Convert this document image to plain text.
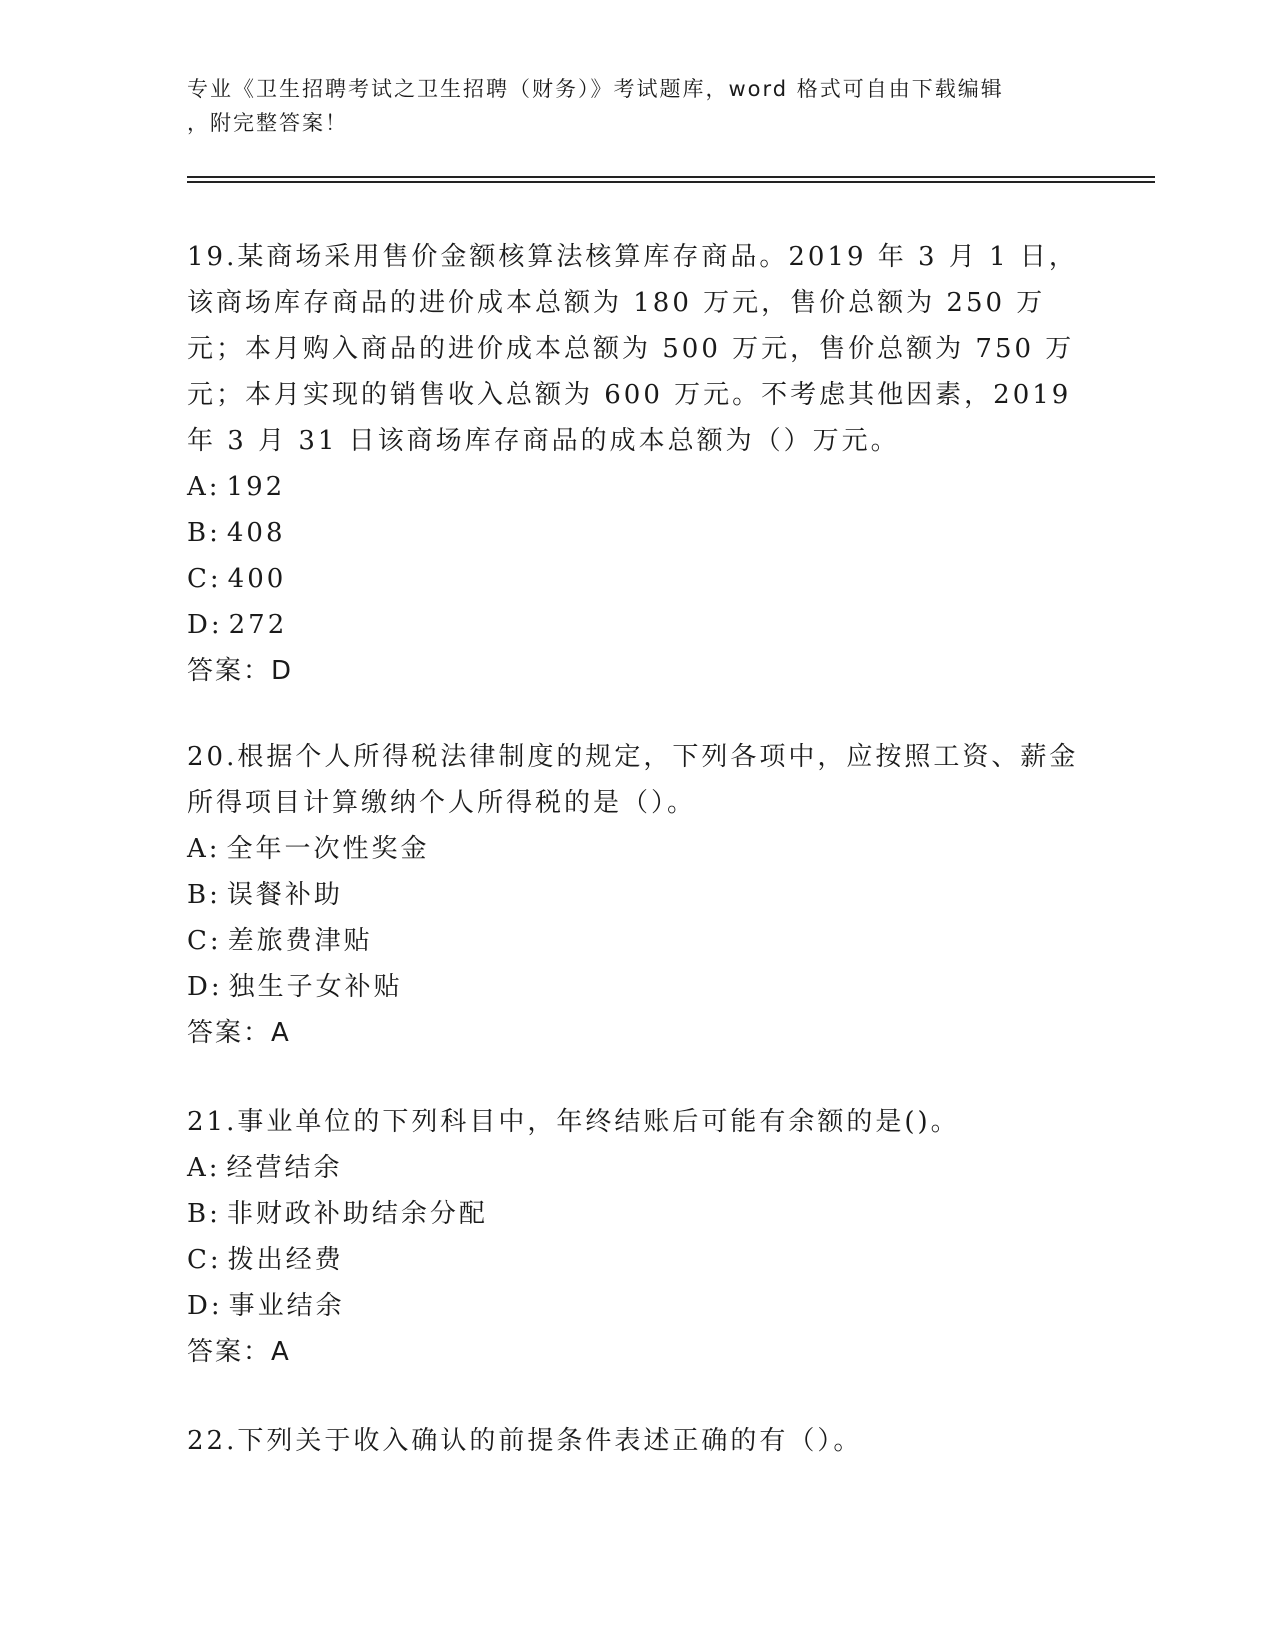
专业《卫生招聘考试之卫生招聘（财务）》考试题库，word 格式可自由下载编辑
，附完整答案！

19.某商场采用售价金额核算法核算库存商品。2019 年 3 月 1 日，该商场库存商品的进价成本总额为 180 万元，售价总额为 250 万元；本月购入商品的进价成本总额为 500 万元，售价总额为 750 万元；本月实现的销售收入总额为 600 万元。不考虑其他因素，2019 年 3 月 31 日该商场库存商品的成本总额为（）万元。

A: 192
B: 408
C: 400
D: 272
答案：D

20.根据个人所得税法律制度的规定，下列各项中，应按照工资、薪金所得项目计算缴纳个人所得税的是（）。

A: 全年一次性奖金
B: 误餐补助
C: 差旅费津贴
D: 独生子女补贴
答案：A

21.事业单位的下列科目中，年终结账后可能有余额的是()。

A: 经营结余
B: 非财政补助结余分配
C: 拨出经费
D: 事业结余
答案：A

22.下列关于收入确认的前提条件表述正确的有（）。
